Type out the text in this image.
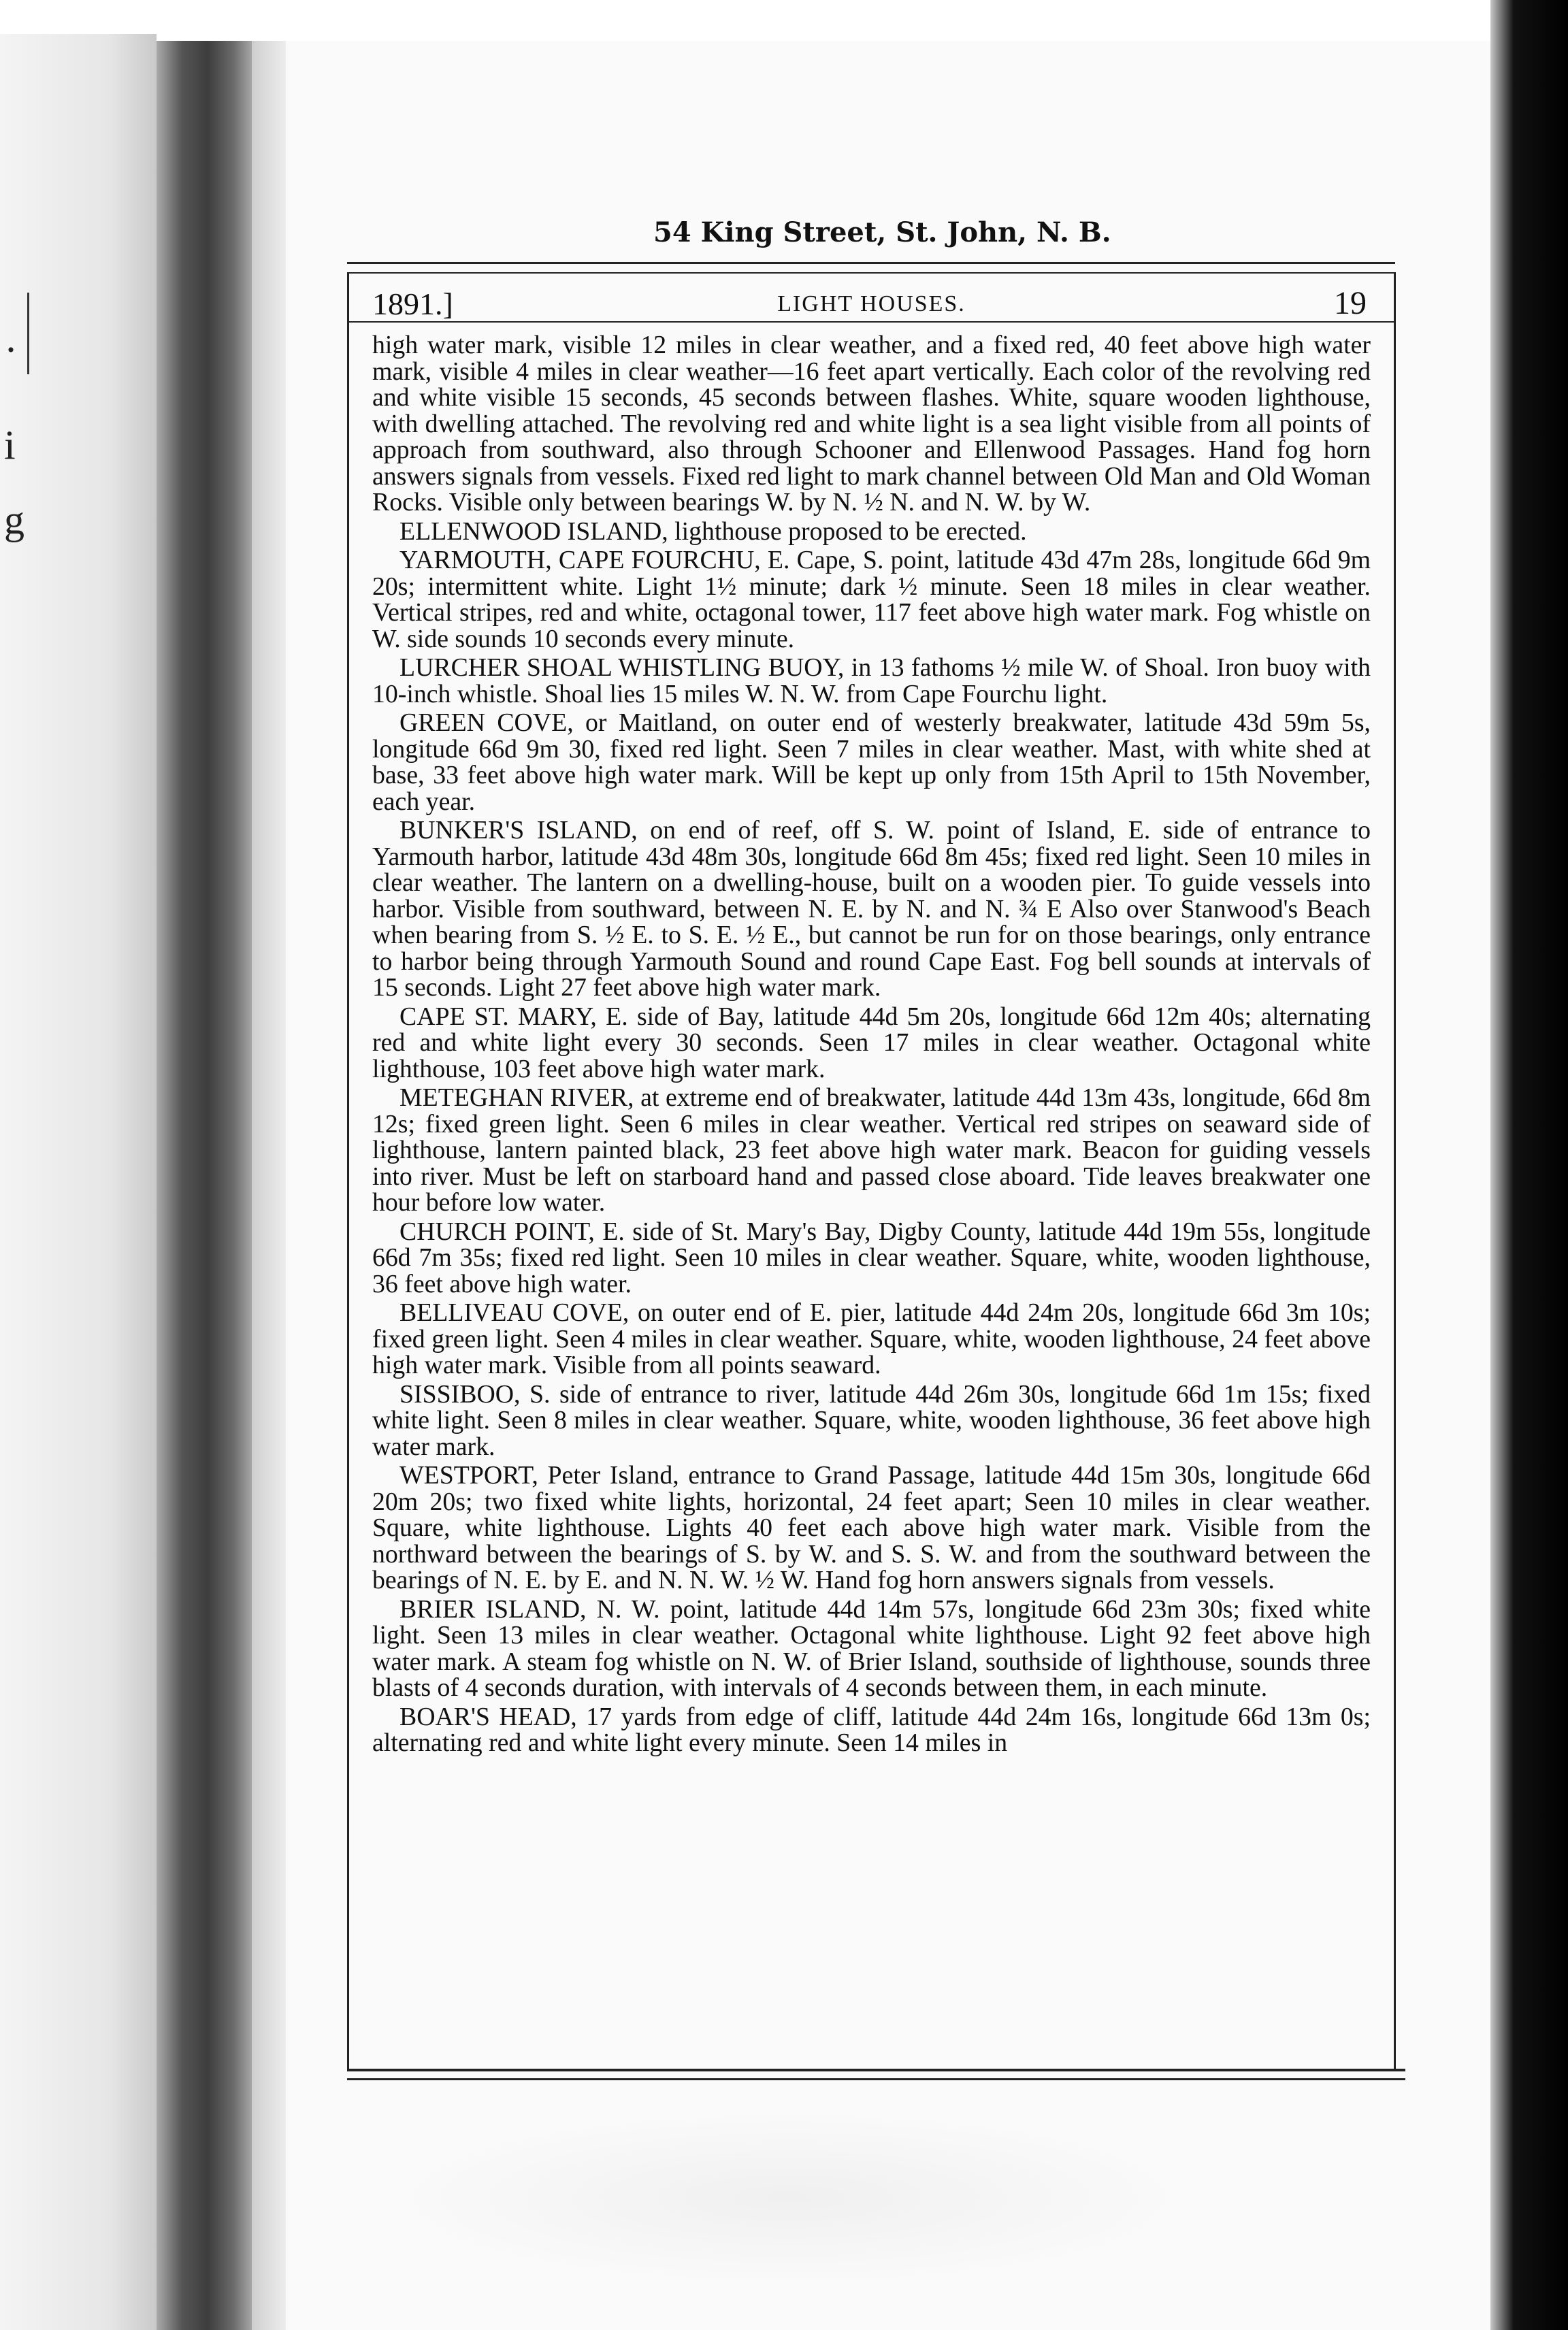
·
i
g
54 King Street, St. John, N. B.
1891.]	LIGHT HOUSES.	19

high water mark, visible 12 miles in clear weather, and a fixed red, 40 feet above high water mark, visible 4 miles in clear weather—16 feet apart vertically. Each color of the revolving red and white visible 15 seconds, 45 seconds between flashes. White, square wooden lighthouse, with dwelling attached. The revolving red and white light is a sea light visible from all points of approach from southward, also through Schooner and Ellenwood Passages. Hand fog horn answers signals from vessels. Fixed red light to mark channel between Old Man and Old Woman Rocks. Visible only between bearings W. by N. ½ N. and N. W. by W.

ELLENWOOD ISLAND, lighthouse proposed to be erected.

YARMOUTH, CAPE FOURCHU, E. Cape, S. point, latitude 43d 47m 28s, longitude 66d 9m 20s; intermittent white. Light 1½ minute; dark ½ minute. Seen 18 miles in clear weather. Vertical stripes, red and white, octagonal tower, 117 feet above high water mark. Fog whistle on W. side sounds 10 seconds every minute.

LURCHER SHOAL WHISTLING BUOY, in 13 fathoms ½ mile W. of Shoal. Iron buoy with 10-inch whistle. Shoal lies 15 miles W. N. W. from Cape Fourchu light.

GREEN COVE, or Maitland, on outer end of westerly breakwater, latitude 43d 59m 5s, longitude 66d 9m 30, fixed red light. Seen 7 miles in clear weather. Mast, with white shed at base, 33 feet above high water mark. Will be kept up only from 15th April to 15th November, each year.

BUNKER'S ISLAND, on end of reef, off S. W. point of Island, E. side of entrance to Yarmouth harbor, latitude 43d 48m 30s, longitude 66d 8m 45s; fixed red light. Seen 10 miles in clear weather. The lantern on a dwelling-house, built on a wooden pier. To guide vessels into harbor. Visible from southward, between N. E. by N. and N. ¾ E Also over Stanwood's Beach when bearing from S. ½ E. to S. E. ½ E., but cannot be run for on those bearings, only entrance to harbor being through Yarmouth Sound and round Cape East. Fog bell sounds at intervals of 15 seconds. Light 27 feet above high water mark.

CAPE ST. MARY, E. side of Bay, latitude 44d 5m 20s, longitude 66d 12m 40s; alternating red and white light every 30 seconds. Seen 17 miles in clear weather. Octagonal white lighthouse, 103 feet above high water mark.

METEGHAN RIVER, at extreme end of breakwater, latitude 44d 13m 43s, longitude, 66d 8m 12s; fixed green light. Seen 6 miles in clear weather. Vertical red stripes on seaward side of lighthouse, lantern painted black, 23 feet above high water mark. Beacon for guiding vessels into river. Must be left on starboard hand and passed close aboard. Tide leaves breakwater one hour before low water.

CHURCH POINT, E. side of St. Mary's Bay, Digby County, latitude 44d 19m 55s, longitude 66d 7m 35s; fixed red light. Seen 10 miles in clear weather. Square, white, wooden lighthouse, 36 feet above high water.

BELLIVEAU COVE, on outer end of E. pier, latitude 44d 24m 20s, longitude 66d 3m 10s; fixed green light. Seen 4 miles in clear weather. Square, white, wooden lighthouse, 24 feet above high water mark. Visible from all points seaward.

SISSIBOO, S. side of entrance to river, latitude 44d 26m 30s, longitude 66d 1m 15s; fixed white light. Seen 8 miles in clear weather. Square, white, wooden lighthouse, 36 feet above high water mark.

WESTPORT, Peter Island, entrance to Grand Passage, latitude 44d 15m 30s, longitude 66d 20m 20s; two fixed white lights, horizontal, 24 feet apart; Seen 10 miles in clear weather. Square, white lighthouse. Lights 40 feet each above high water mark. Visible from the northward between the bearings of S. by W. and S. S. W. and from the southward between the bearings of N. E. by E. and N. N. W. ½ W. Hand fog horn answers signals from vessels.

BRIER ISLAND, N. W. point, latitude 44d 14m 57s, longitude 66d 23m 30s; fixed white light. Seen 13 miles in clear weather. Octagonal white lighthouse. Light 92 feet above high water mark. A steam fog whistle on N. W. of Brier Island, southside of lighthouse, sounds three blasts of 4 seconds duration, with intervals of 4 seconds between them, in each minute.

BOAR'S HEAD, 17 yards from edge of cliff, latitude 44d 24m 16s, longitude 66d 13m 0s; alternating red and white light every minute. Seen 14 miles in
